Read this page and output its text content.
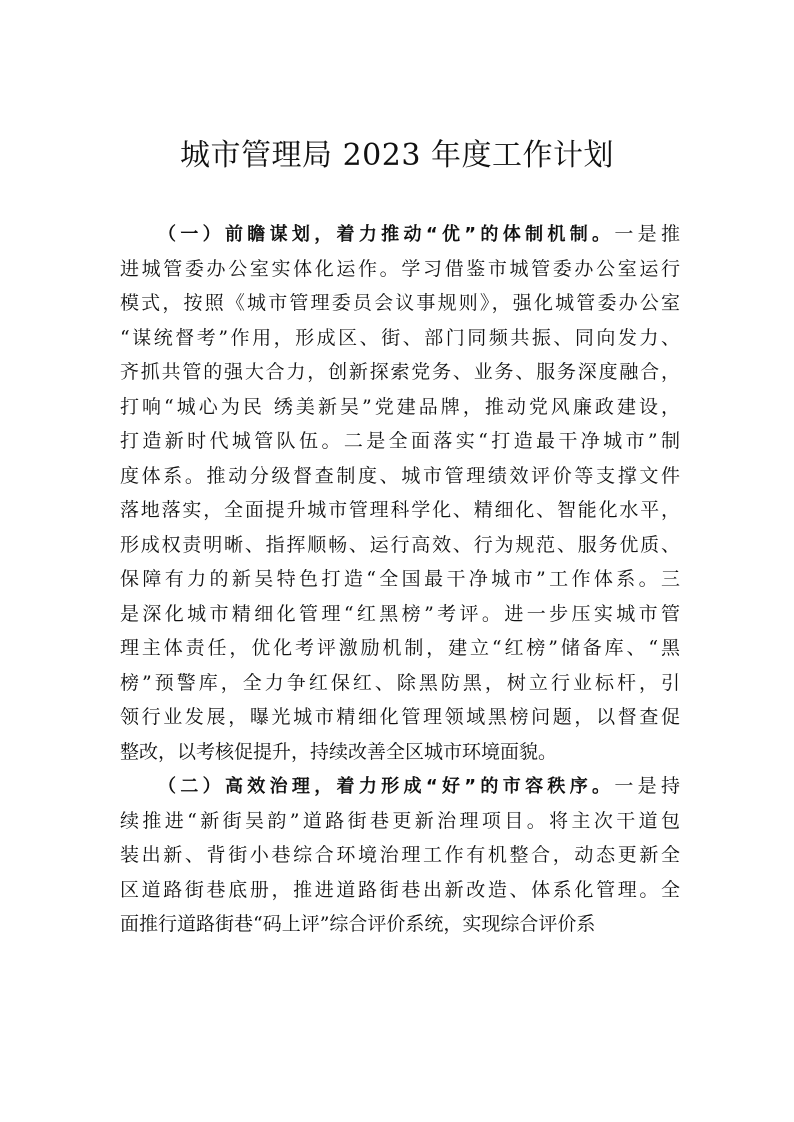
城市管理局 2023 年度工作计划
（一）前瞻谋划，着力推动“优”的体制机制。一是推
进城管委办公室实体化运作。学习借鉴市城管委办公室运行
模式，按照《城市管理委员会议事规则》，强化城管委办公室
“谋统督考”作用，形成区、街、部门同频共振、同向发力、
齐抓共管的强大合力，创新探索党务、业务、服务深度融合，
打响“城心为民 绣美新吴”党建品牌，推动党风廉政建设，
打造新时代城管队伍。二是全面落实“打造最干净城市”制
度体系。推动分级督查制度、城市管理绩效评价等支撑文件
落地落实，全面提升城市管理科学化、精细化、智能化水平，
形成权责明晰、指挥顺畅、运行高效、行为规范、服务优质、
保障有力的新吴特色打造“全国最干净城市”工作体系。三
是深化城市精细化管理“红黑榜”考评。进一步压实城市管
理主体责任，优化考评激励机制，建立“红榜”储备库、“黑
榜”预警库，全力争红保红、除黑防黑，树立行业标杆，引
领行业发展，曝光城市精细化管理领域黑榜问题，以督查促
整改，以考核促提升，持续改善全区城市环境面貌。
（二）高效治理，着力形成“好”的市容秩序。一是持
续推进“新街吴韵”道路街巷更新治理项目。将主次干道包
装出新、背街小巷综合环境治理工作有机整合，动态更新全
区道路街巷底册，推进道路街巷出新改造、体系化管理。全
面推行道路街巷“码上评”综合评价系统，实现综合评价系
